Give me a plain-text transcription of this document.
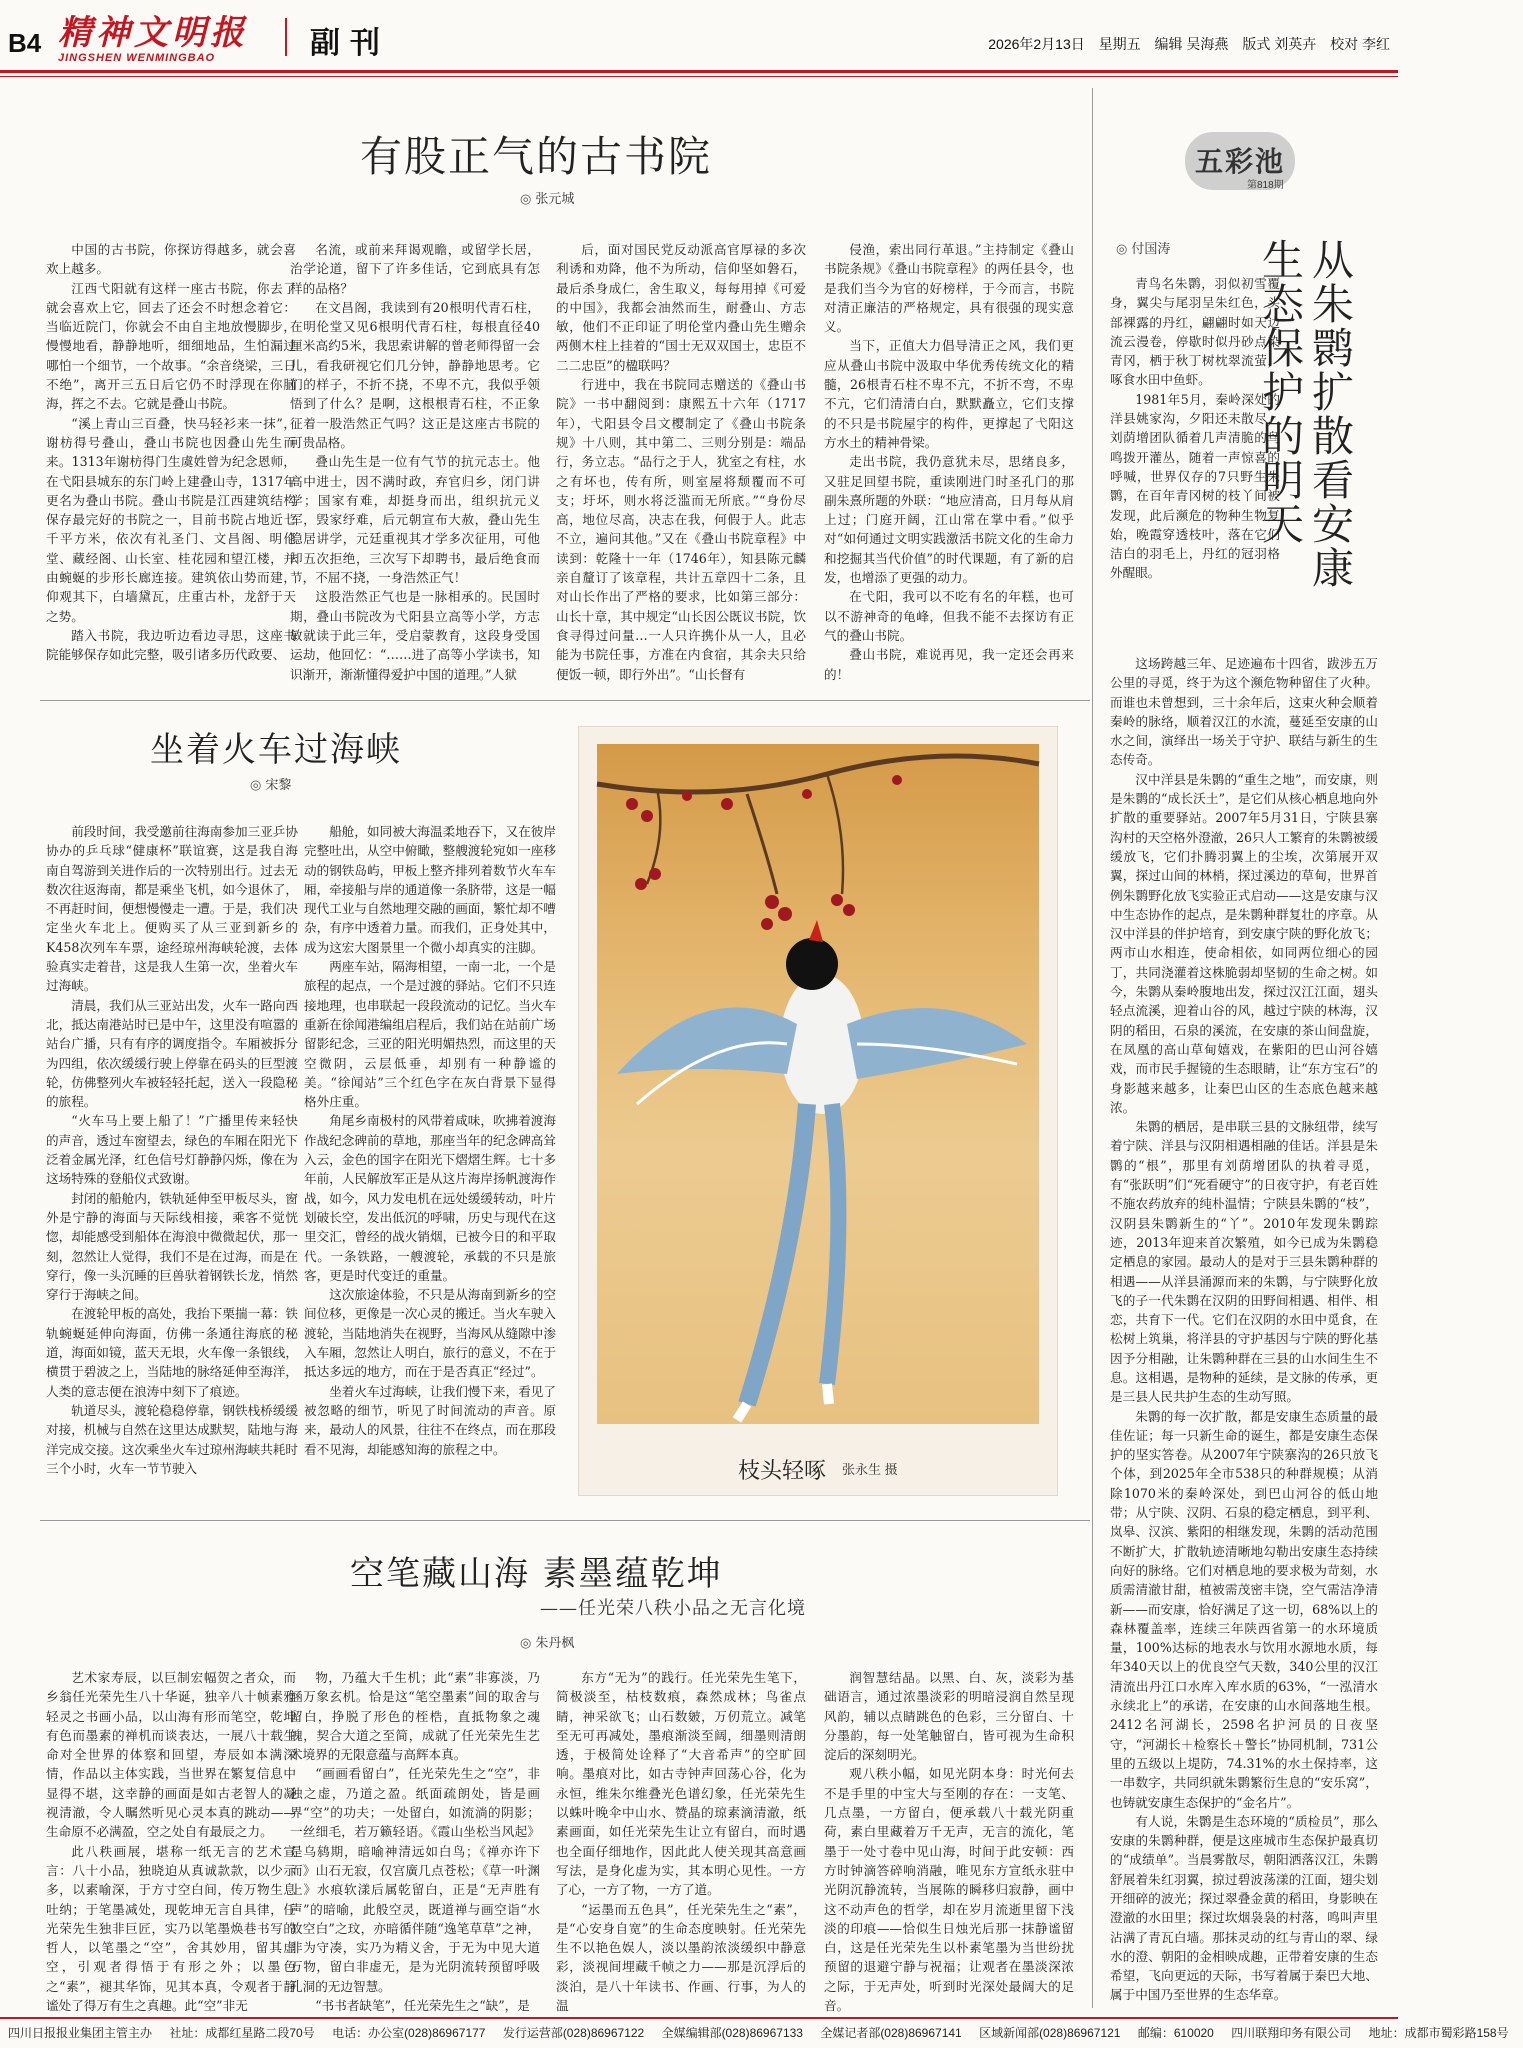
B4 精神文明报
JINGSHEN WENMINGBAO	副刊	2026年2月13日 星期五 编辑 吴海燕 版式 刘英卉 校对 李红
有股正气的古书院
◎ 张元城

中国的古书院，你探访得越多，就会喜欢上越多。

江西弋阳就有这样一座古书院，你去了就会喜欢上它，回去了还会不时想念着它：当临近院门，你就会不由自主地放慢脚步，慢慢地看，静静地听，细细地品，生怕漏过哪怕一个细节，一个故事。“余音绕梁，三日不绝”，离开三五日后它仍不时浮现在你脑海，挥之不去。它就是叠山书院。

“溪上青山三百叠，快马轻衫来一抹”，谢枋得号叠山，叠山书院也因叠山先生而来。1313年谢枋得门生虞姓曾为纪念恩师，在弋阳县城东的东门岭上建叠山寺，1317年更名为叠山书院。叠山书院是江西建筑结构保存最完好的书院之一，目前书院占地近七千平方米，依次有礼圣门、文昌阁、明伦堂、藏经阁、山长室、桂花园和望江楼，并由蜿蜒的步形长廊连接。建筑依山势而建，仰观其下，白墙黛瓦，庄重古朴，龙舒于天之势。

踏入书院，我边听边看边寻思，这座书院能够保存如此完整，吸引诸多历代政要、

名流，或前来拜谒观瞻，或留学长居，治学论道，留下了许多佳话，它到底具有怎样的品格？

在文昌阁，我读到有20根明代青石柱，在明伦堂又见6根明代青石柱，每根直径40厘米高约5米，我思索讲解的曾老师得留一会儿，看我研视它们几分钟，静静地思考。它们的样子，不折不挠，不卑不亢，我似乎领悟到了什么？是啊，这根根青石柱，不正象征着一股浩然正气吗？这正是这座古书院的可贵品格。

叠山先生是一位有气节的抗元志士。他高中进士，因不满时政，弃官归乡，闭门讲学；国家有难，却挺身而出，组织抗元义军，毁家纾难，后元朝宣布大赦，叠山先生隐居讲学，元廷重视其才学多次征用，可他却五次拒绝，三次写下却聘书，最后绝食而节，不屈不挠，一身浩然正气！

这股浩然正气也是一脉相承的。民国时期，叠山书院改为弋阳县立高等小学，方志敏就读于此三年，受启蒙教育，这段身受国运劫，他回忆：“……进了高等小学读书，知识渐开，渐渐懂得爱护中国的道理。”人狱

后，面对国民党反动派高官厚禄的多次利诱和劝降，他不为所动，信仰坚如磐石，最后杀身成仁，舍生取义，每每用掉《可爱的中国》，我都会油然而生，耐叠山、方志敏，他们不正印证了明伦堂内叠山先生赠余两侧木柱上挂着的“国士无双双国士，忠臣不二二忠臣”的楹联吗？

行进中，我在书院同志赠送的《叠山书院》一书中翻阅到：康熙五十六年（1717年），弋阳县令吕文樱制定了《叠山书院条规》十八则，其中第二、三则分别是：端品行，务立志。“品行之于人，犹室之有柱，水之有坏也，传有所，则室屋将颓覆而不可支；圩坏，则水将泛滥而无所底。”“身份尽高，地位尽高，决志在我，何假于人。此志不立，遍问其他。”又在《叠山书院章程》中读到：乾隆十一年（1746年），知县陈元麟亲自釐订了该章程，共计五章四十二条，且对山长作出了严格的要求，比如第三部分：山长十章，其中规定“山长因公既议书院，饮食寻得过问量…一人只许携仆从一人，且必能为书院任事，方准在内食宿，其余夫只给便饭一顿，即行外出”。“山长督有

侵渔，索出同行革退。”主持制定《叠山书院条规》《叠山书院章程》的两任县令，也是我们当今为官的好榜样，于今而言，书院对清正廉洁的严格规定，具有很强的现实意义。

当下，正值大力倡导清正之风，我们更应从叠山书院中汲取中华优秀传统文化的精髓，26根青石柱不卑不亢，不折不弯，不卑不亢，它们清清白白，默默矗立，它们支撑的不只是书院屋宇的构件，更撑起了弋阳这方水土的精神骨梁。

走出书院，我仍意犹未尽，思绪良多，又驻足回望书院，重读刚进门时圣孔门的那副朱熹所题的外联：“地应清高，日月每从肩上过；门庭开阔，江山常在掌中看。”似乎对“如何通过文明实践激活书院文化的生命力和挖掘其当代价值”的时代课题，有了新的启发，也增添了更强的动力。

在弋阳，我可以不吃有名的年糕，也可以不游神奇的龟峰，但我不能不去探访有正气的叠山书院。

叠山书院，难说再见，我一定还会再来的！

五彩池
第818期
从朱鹮扩散看安康生态保护的明天
◎ 付国涛

青鸟名朱鹮，羽似初雪覆身，翼尖与尾羽呈朱红色，头部裸露的丹红，翩翩时如天边流云漫卷，停歇时似丹砂点染青冈，栖于秋丁树枕翠流萤，啄食水田中鱼虾。

1981年5月，秦岭深处的洋县姚家沟，夕阳还未散尽，刘荫增团队循着几声清脆的鸟鸣拨开灌丛，随着一声惊喜的呼喊，世界仅存的7只野生朱鹮，在百年青冈树的枝丫间被发现，此后濒危的物种生物复始，晚霞穿透枝叶，落在它们洁白的羽毛上，丹红的冠羽格外醒眼。

这场跨越三年、足迹遍布十四省，跋涉五万公里的寻觅，终于为这个濒危物种留住了火种。而谁也未曾想到，三十余年后，这束火种会顺着秦岭的脉络，顺着汉江的水流，蔓延至安康的山水之间，演绎出一场关于守护、联结与新生的生态传奇。

汉中洋县是朱鹮的“重生之地”，而安康，则是朱鹮的“成长沃土”，是它们从核心栖息地向外扩散的重要驿站。2007年5月31日，宁陕县寨沟村的天空格外澄澈，26只人工繁育的朱鹮被缓缓放飞，它们扑腾羽翼上的尘埃，次第展开双翼，探过山间的林梢，探过溪边的草甸，世界首例朱鹮野化放飞实验正式启动——这是安康与汉中生态协作的起点，是朱鹮种群复壮的序章。从汉中洋县的伴护培育，到安康宁陕的野化放飞；两市山水相连，使命相依，如同两位细心的园丁，共同浇灌着这株脆弱却坚韧的生命之树。如今，朱鹮从秦岭腹地出发，探过汉江江面，翅头轻点流溪，迎着山谷的风，越过宁陕的林海，汉阴的稻田，石泉的溪流，在安康的茶山间盘旋，在凤凰的高山草甸嬉戏，在紫阳的巴山河谷嬉戏，而市民手握镜的生态眼睛，让“东方宝石”的身影越来越多，让秦巴山区的生态底色越来越浓。

朱鹮的栖居，是串联三县的文脉纽带，续写着宁陕、洋县与汉阴相遇相融的佳话。洋县是朱鹮的“根”，那里有刘荫增团队的执着寻觅，有“张跃明”们“死看硬守”的日夜守护，有老百姓不施农药放弃的纯朴温情；宁陕县朱鹮的“枝”，汉阴县朱鹮新生的“丫”。2010年发现朱鹮踪迹，2013年迎来首次繁殖，如今已成为朱鹮稳定栖息的家园。最动人的是对于三县朱鹮种群的相遇——从洋县涌源而来的朱鹮，与宁陕野化放飞的子一代朱鹮在汉阴的田野间相遇、相伴、相恋，共育下一代。它们在汉阴的水田中觅食，在松树上筑巢，将洋县的守护基因与宁陕的野化基因予分相融，让朱鹮种群在三县的山水间生生不息。这相遇，是物种的延续，是文脉的传承，更是三县人民共护生态的生动写照。

朱鹮的每一次扩散，都是安康生态质量的最佳佐证；每一只新生命的诞生，都是安康生态保护的坚实答卷。从2007年宁陕寨沟的26只放飞个体，到2025年全市538只的种群规模；从消除1070米的秦岭深处，到巴山河谷的低山地带；从宁陕、汉阴、石泉的稳定栖息，到平利、岚皋、汉滨、紫阳的相继发现，朱鹮的活动范围不断扩大，扩散轨迹清晰地勾勒出安康生态持续向好的脉络。它们对栖息地的要求极为苛刻，水质需清澈甘甜，植被需茂密丰饶，空气需洁净清新——而安康，恰好满足了这一切，68%以上的森林覆盖率，连续三年陕西省第一的水环境质量，100%达标的地表水与饮用水源地水质，每年340天以上的优良空气天数，340公里的汉江清流出丹江口水库入库水质的63%，“一泓清水永续北上”的承诺，在安康的山水间落地生根。2412名河湖长，2598名护河员的日夜坚守，“河湖长＋检察长＋警长”协同机制，731公里的五级以上堤防，74.31%的水土保持率，这一串数字，共同织就朱鹮繁衍生息的“安乐窝”，也铸就安康生态保护的“金名片”。

有人说，朱鹮是生态环境的“质检员”，那么安康的朱鹮种群，便是这座城市生态保护最真切的“成绩单”。当晨雾散尽，朝阳洒落汉江，朱鹮舒展着朱红羽翼，掠过碧波荡漾的江面，翅尖划开细碎的波光；探过翠叠金黄的稻田，身影映在澄澈的水田里；探过坎烟袅袅的村落，鸣叫声里沾满了青瓦白墙。那抹灵动的红与青山的翠、绿水的澄、朝阳的金相映成趣，正带着安康的生态希望，飞向更远的天际，书写着属于秦巴大地、属于中国乃至世界的生态华章。

坐着火车过海峡
◎ 宋黎

前段时间，我受邀前往海南参加三亚乒协协办的乒乓球“健康杯”联谊赛，这是我自海南自驾游到关进作后的一次特别出行。过去无数次往返海南，都是乘坐飞机，如今退休了，不再赶时间，便想慢慢走一遭。于是，我们决定坐火车北上。便购买了从三亚到新乡的K458次列车车票，途经琼州海峡轮渡，去体验真实走着昔，这是我人生第一次，坐着火车过海峡。

清晨，我们从三亚站出发，火车一路向西北，抵达南港站时已是中午，这里没有喧嚣的站台广播，只有有序的调度指令。车厢被拆分为四组，依次缓缓行驶上停靠在码头的巨型渡轮，仿佛整列火车被轻轻托起，送入一段隐秘的旅程。

“火车马上要上船了！”广播里传来轻快的声音，透过车窗望去，绿色的车厢在阳光下泛着金属光泽，红色信号灯静静闪烁，像在为这场特殊的登船仪式致谢。

封闭的船舱内，铁轨延伸至甲板尽头，窗外是宁静的海面与天际线相接，乘客不觉恍惚，却能感受到船体在海浪中微微起伏，那一刻，忽然让人觉得，我们不是在过海，而是在穿行，像一头沉睡的巨兽驮着钢铁长龙，悄然穿行于海峡之间。

在渡轮甲板的高处，我抬下栗揣一幕：铁轨蜿蜒延伸向海面，仿佛一条通往海底的秘道，海面如镜，蓝天无垠，火车像一条银线，横贯于碧波之上，当陆地的脉络延伸至海洋，人类的意志便在浪涛中刻下了痕迹。

轨道尽头，渡轮稳稳停靠，钢铁栈桥缓缓对接，机械与自然在这里达成默契，陆地与海洋完成交接。这次乘坐火车过琼州海峡共耗时三个小时，火车一节节驶入

船舱，如同被大海温柔地吞下，又在彼岸完整吐出，从空中俯瞰，整艘渡轮宛如一座移动的钢铁岛屿，甲板上整齐排列着数节火车车厢，牵接船与岸的通道像一条脐带，这是一幅现代工业与自然地理交融的画面，繁忙却不嘈杂，有序中透着力量。而我们，正身处其中，成为这宏大图景里一个微小却真实的注脚。

两座车站，隔海相望，一南一北，一个是旅程的起点，一个是过渡的驿站。它们不只连接地理，也串联起一段段流动的记忆。当火车重新在徐闻港编组启程后，我们站在站前广场留影纪念，三亚的阳光明媚热烈，而这里的天空微阴，云层低垂，却别有一种静谧的美。“徐闻站”三个红色字在灰白背景下显得格外庄重。

角尾乡南极村的风带着咸味，吹拂着渡海作战纪念碑前的草地，那座当年的纪念碑高耸入云，金色的国字在阳光下熠熠生辉。七十多年前，人民解放军正是从这片海岸扬帆渡海作战，如今，风力发电机在远处缓缓转动，叶片划破长空，发出低沉的呼啸，历史与现代在这里交汇，曾经的战火销烟，已被今日的和平取代。一条铁路，一艘渡轮，承载的不只是旅客，更是时代变迁的重量。

这次旅途体验，不只是从海南到新乡的空间位移，更像是一次心灵的搬迁。当火车驶入渡轮，当陆地消失在视野，当海风从缝隙中渗入车厢，忽然让人明白，旅行的意义，不在于抵达多远的地方，而在于是否真正“经过”。

坐着火车过海峡，让我们慢下来，看见了被忽略的细节，听见了时间流动的声音。原来，最动人的风景，往往不在终点，而在那段看不见海，却能感知海的旅程之中。

枝头轻啄 张永生 摄
空笔藏山海 素墨蕴乾坤
——任光荣八秩小品之无言化境
◎ 朱丹枫

艺术家寿辰，以巨制宏幅贺之者众，而乡翁任光荣先生八十华诞，独辛八十帧素雅轻灵之书画小品，以山海有形而笔空，乾坤有色而墨素的禅机而谈表达，一展八十载生命对全世界的体察和回望，寿辰如本满深情，作品以主体实践，当世界在繁复信息中显得不堪，这幸静的画面是如古老智人的凝视清澈，令人瞩然听见心灵本真的跳动——生命原不必满盈，空之处自有最辰之力。

此八秩画展，堪称一纸无言的艺术宣言：八十小品，独晓迫从真诚款款，以少示多，以素喻深，于方寸空白间，传万物生息吐纳；于笔墨减处，现乾坤无言自具律，任光荣先生独非巨匠，实乃以笔墨焕巷书写的哲人，以笔墨之“空”，舍其妙用，留其虚空，引观者得悟于有形之外；以墨色之“素”，褪其华饰，见其本真，令观者于静谧处了得万有生之真趣。此“空”非无

物，乃蕴大千生机；此“素”非寡淡，乃涵万象玄机。恰是这“笔空墨素”间的取舍与留白，挣脱了形色的桎梏，直抵物象之魂魄，契合大道之至简，成就了任光荣先生艺术境界的无限意蕴与高辉本真。

“画画看留白”，任光荣先生之“空”，非独之虚，乃道之盈。纸面疏朗处，皆是画界“空”的功夫；一处留白，如流淌的阴影；一丝细毛，若万籁轻语。《霞山坐松当风起》是乌鸫期，暗喻神清远如白鸟；《禅亦许下而》山石无寂，仅宫廣几点苍松；《草一叶渊上》水痕软漾后属乾留白，正是“无声胜有声”的暗喻，此般空灵，既道禅与画空诣“水故空白”之玟，亦暗循伴随“逸笔草草”之神，非为守凑，实乃为精义舍，于无为中见大道万物，留白非虚无，是为光阴流转预留呼吸孔洞的无边智慧。

“书书者缺笔”，任光荣先生之“缺”，是

东方“无为”的践行。任光荣先生笔下，简极淡至，枯枝数痕，森然成林；鸟雀点睛，神采欲飞；山石数皴，万仞荒立。减笔至无可再减处，墨痕渐淡至阔，细墨则清朗透，于极简处诠释了“大音希声”的空旷回响。墨痕对比，如古寺钟声回荡心谷，化为永恒，维朱尔维叠光色谱幻象，任光荣先生以蛛叶晚伞中山水、赞晶的琼素滴清澈，纸素画面，如任光荣先生让立有留白，而时遇也全面仔细地作，因此此人使关现其高意画写法，是身化虚为实，其本明心见性。一方了心，一方了物，一方了道。

“运墨而五色具”，任光荣先生之“素”，是“心安身自宽”的生命态度映射。任光荣先生不以艳色娱人，淡以墨韵浓淡缓织中静意彩，淡视间埋藏千帧之力——那是沉浮后的淡泊，是八十年读书、作画、行事，为人的温

润智慧结晶。以黑、白、灰，淡彩为基础语言，通过浓墨淡彩的明暗浸润自然呈现风韵，辅以点睛跳色的色彩，三分留白、十分墨韵，每一处笔触留白，皆可视为生命积淀后的深刻明光。

观八秩小幅，如见光阴本身：时光何去不是手里的中宝大与至刚的存在：一支笔、几点墨，一方留白，便承载八十载光阴重荷，素白里藏着万千无声，无言的流化，笔墨于一处寸卷中见山海，时间于此安顿：西方时钟滴答碎响消融，唯见东方宣纸永驻中光阴沉静流转，当展陈的瞬移归寂静，画中这不动声色的哲学，却在岁月流逝里留下浅淡的印痕——恰似生日烛光后那一抹静谧留白，这是任光荣先生以朴素笔墨为当世纷扰预留的退避宁静与祝福；让观者在墨淡深浓之际，于无声处，听到时光深处最阔大的足音。

四川日报报业集团主管主办 社址：成都红星路二段70号 电话：办公室(028)86967177 发行运营部(028)86967122 全媒编辑部(028)86967133 全媒记者部(028)86967141 区域新闻部(028)86967121 邮编：610020 四川联翔印务有限公司 地址：成都市蜀彩路158号
